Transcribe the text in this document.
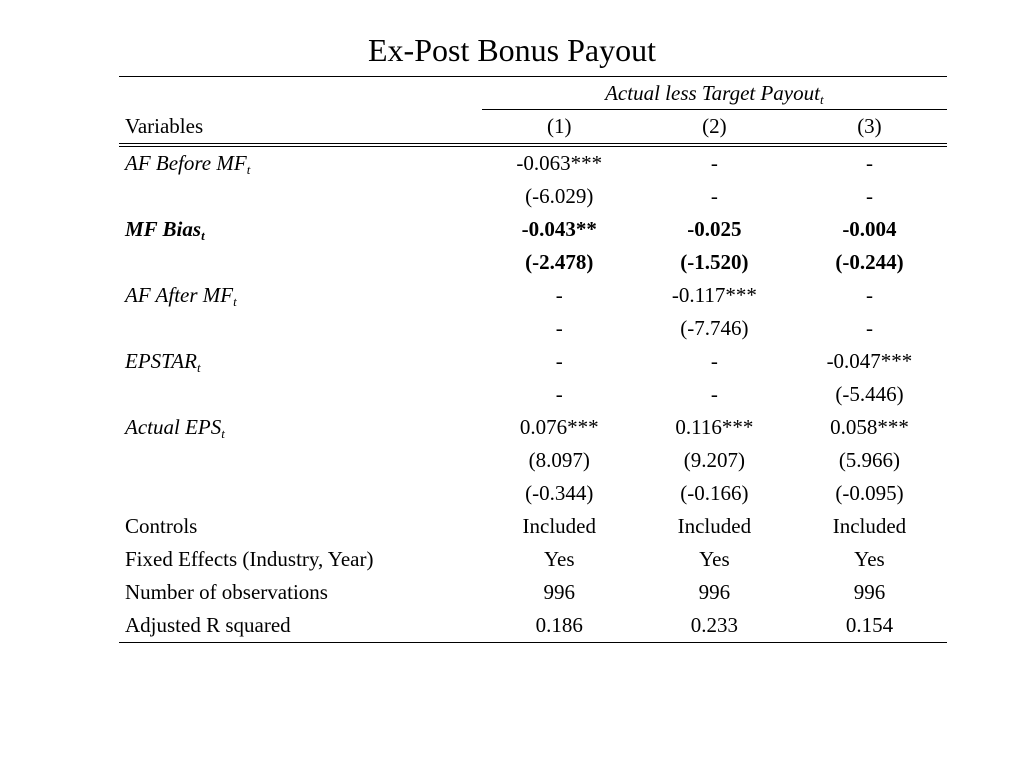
Ex-Post Bonus Payout

	Actual less Target Payout$_t$
Variables	(1)	(2)	(3)
AF Before $MF_t$	-0.063***	-	-
	(-6.029)	-	-
MF Bias$_t$	-0.043**	-0.025	-0.004
	(-2.478)	(-1.520)	(-0.244)
AF After $MF_t$	-	-0.117***	-
	-	(-7.746)	-
$EPSTAR_t$	-	-	-0.047***
	-	-	(-5.446)
Actual $EPS_t$	0.076***	0.116***	0.058***
	(8.097)	(9.207)	(5.966)
	(-0.344)	(-0.166)	(-0.095)
Controls	Included	Included	Included
Fixed Effects (Industry, Year)	Yes	Yes	Yes
Number of observations	996	996	996
Adjusted R squared	0.186	0.233	0.154
